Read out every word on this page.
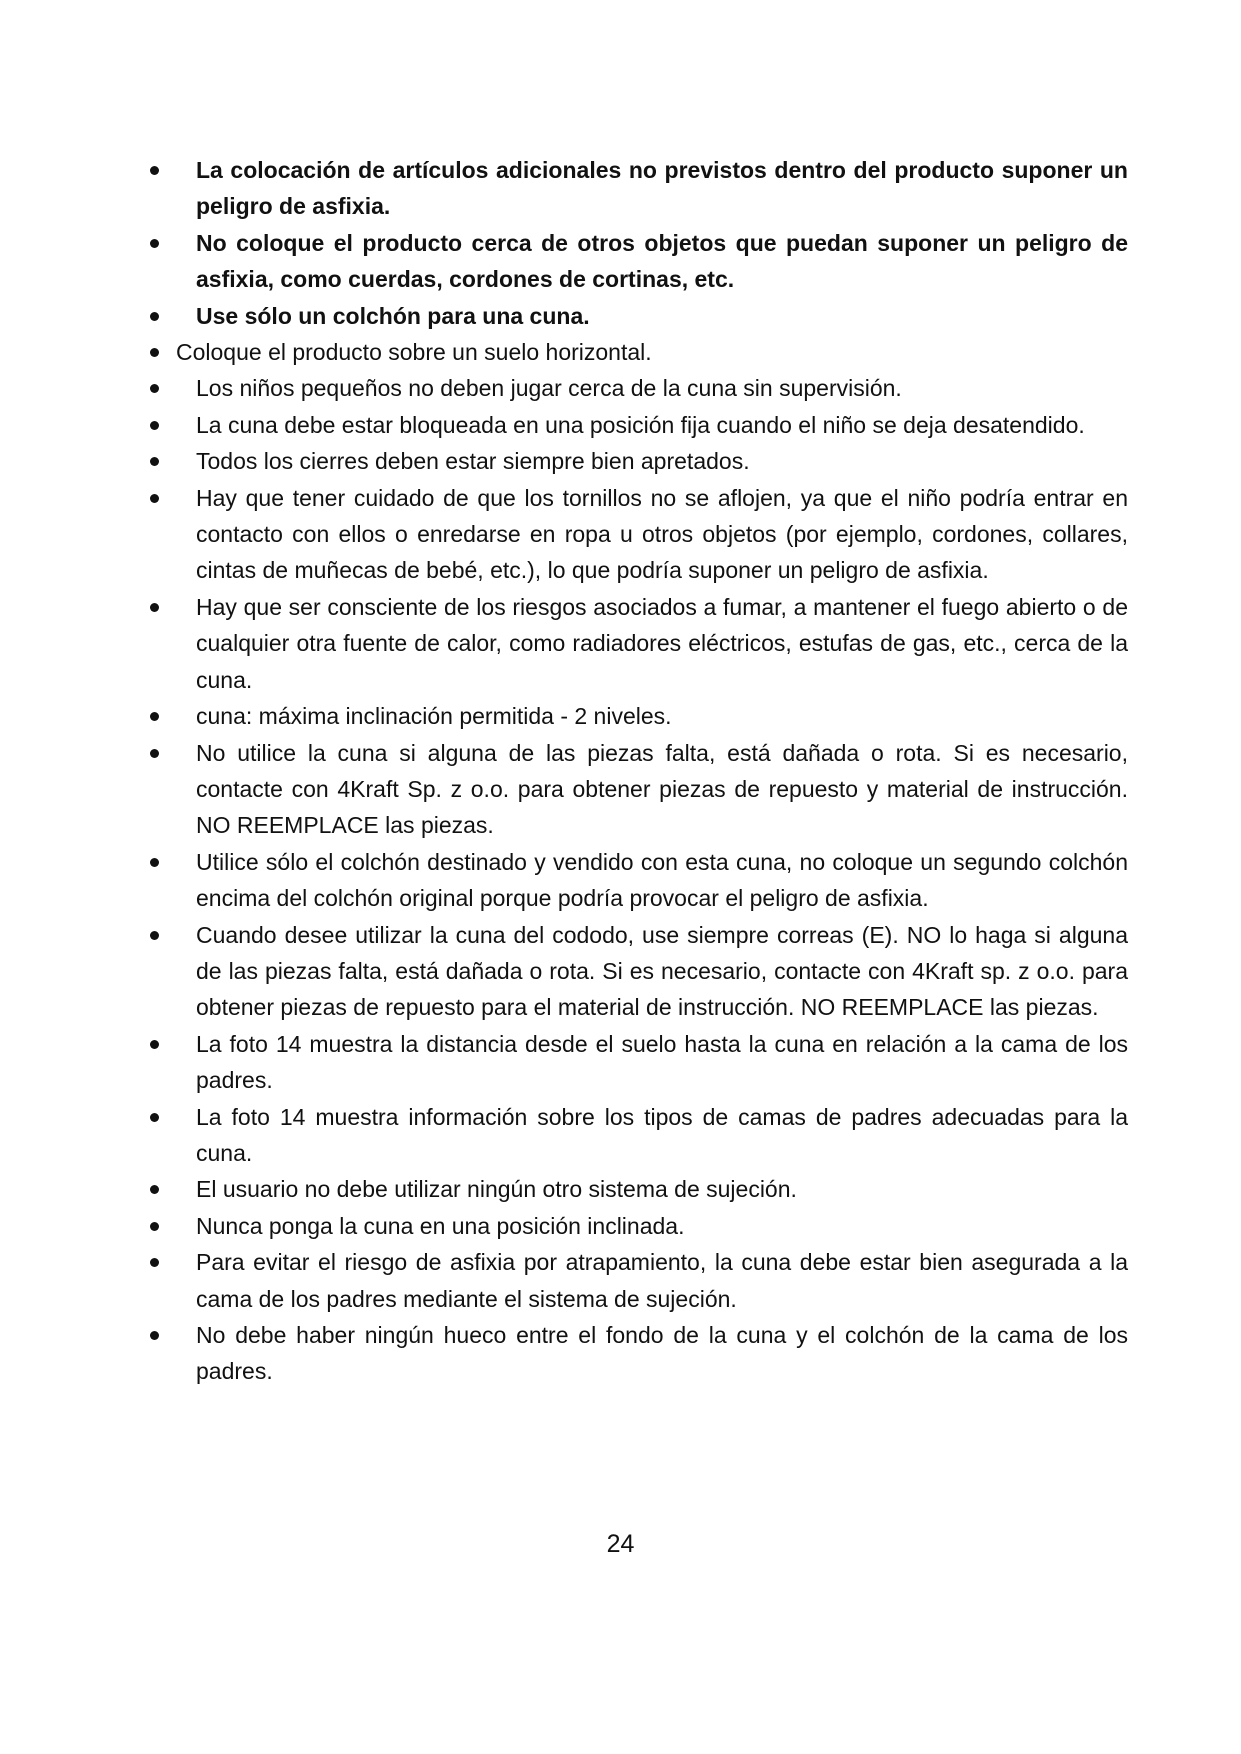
La colocación de artículos adicionales no previstos dentro del producto suponer un peligro de asfixia.
No coloque el producto cerca de otros objetos que puedan suponer un peligro de asfixia, como cuerdas, cordones de cortinas, etc.
Use sólo un colchón para una cuna.
Coloque el producto sobre un suelo horizontal.
Los niños pequeños no deben jugar cerca de la cuna sin supervisión.
La cuna debe estar bloqueada en una posición fija cuando el niño se deja desatendido.
Todos los cierres deben estar siempre bien apretados.
Hay que tener cuidado de que los tornillos no se aflojen, ya que el niño podría entrar en contacto con ellos o enredarse en ropa u otros objetos (por ejemplo, cordones, collares, cintas de muñecas de bebé, etc.), lo que podría suponer un peligro de asfixia.
Hay que ser consciente de los riesgos asociados a fumar, a mantener el fuego abierto o de cualquier otra fuente de calor, como radiadores eléctricos, estufas de gas, etc., cerca de la cuna.
cuna: máxima inclinación permitida - 2 niveles.
No utilice la cuna si alguna de las piezas falta, está dañada o rota. Si es necesario, contacte con 4Kraft Sp. z o.o. para obtener piezas de repuesto y material de instrucción. NO REEMPLACE las piezas.
Utilice sólo el colchón destinado y vendido con esta cuna, no coloque un segundo colchón encima del colchón original porque podría provocar el peligro de asfixia.
Cuando desee utilizar la cuna del cododo, use siempre correas (E). NO lo haga si alguna de las piezas falta, está dañada o rota. Si es necesario, contacte con 4Kraft sp. z o.o. para obtener piezas de repuesto para el material de instrucción. NO REEMPLACE las piezas.
La foto 14 muestra la distancia desde el suelo hasta la cuna en relación a la cama de los padres.
La foto 14 muestra información sobre los tipos de camas de padres adecuadas para la cuna.
El usuario no debe utilizar ningún otro sistema de sujeción.
Nunca ponga la cuna en una posición inclinada.
Para evitar el riesgo de asfixia por atrapamiento, la cuna debe estar bien asegurada a la cama de los padres mediante el sistema de sujeción.
No debe haber ningún hueco entre el fondo de la cuna y el colchón de la cama de los padres.
24
